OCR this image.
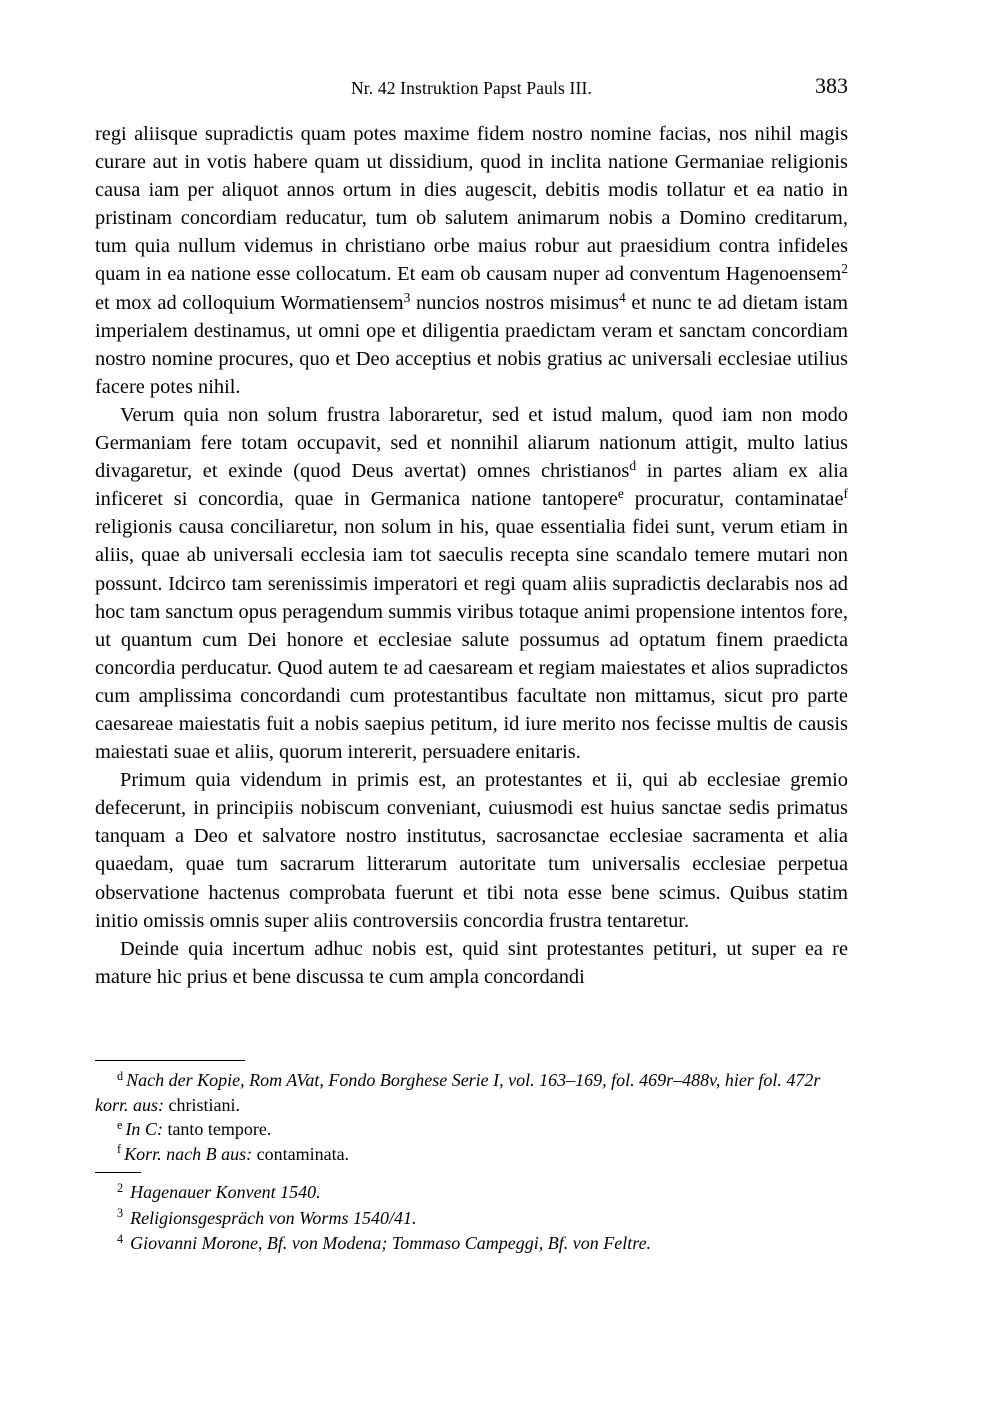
Nr. 42 Instruktion Papst Pauls III.	383

regi aliisque supradictis quam potes maxime fidem nostro nomine facias, nos nihil magis curare aut in votis habere quam ut dissidium, quod in inclita natione Germaniae religionis causa iam per aliquot annos ortum in dies augescit, debitis modis tollatur et ea natio in pristinam concordiam reducatur, tum ob salutem animarum nobis a Domino creditarum, tum quia nullum videmus in christiano orbe maius robur aut praesidium contra infideles quam in ea natione esse collocatum. Et eam ob causam nuper ad conventum Hagenoensem$^2$ et mox ad colloquium Wormatiensem$^3$ nuncios nostros misimus$^4$ et nunc te ad dietam istam imperialem destinamus, ut omni ope et diligentia praedictam veram et sanctam concordiam nostro nomine procures, quo et Deo acceptius et nobis gratius ac universali ecclesiae utilius facere potes nihil.

Verum quia non solum frustra laboraretur, sed et istud malum, quod iam non modo Germaniam fere totam occupavit, sed et nonnihil aliarum nationum attigit, multo latius divagaretur, et exinde (quod Deus avertat) omnes christianos$^d$ in partes aliam ex alia inficeret si concordia, quae in Germanica natione tantopere$^e$ procuratur, contaminatae$^f$ religionis causa conciliaretur, non solum in his, quae essentialia fidei sunt, verum etiam in aliis, quae ab universali ecclesia iam tot saeculis recepta sine scandalo temere mutari non possunt. Idcirco tam serenissimis imperatori et regi quam aliis supradictis declarabis nos ad hoc tam sanctum opus peragendum summis viribus totaque animi propensione intentos fore, ut quantum cum Dei honore et ecclesiae salute possumus ad optatum finem praedicta concordia perducatur. Quod autem te ad caesaream et regiam maiestates et alios supradictos cum amplissima concordandi cum protestantibus facultate non mittamus, sicut pro parte caesareae maiestatis fuit a nobis saepius petitum, id iure merito nos fecisse multis de causis maiestati suae et aliis, quorum intererit, persuadere enitaris.

Primum quia videndum in primis est, an protestantes et ii, qui ab ecclesiae gremio defecerunt, in principiis nobiscum conveniant, cuiusmodi est huius sanctae sedis primatus tanquam a Deo et salvatore nostro institutus, sacrosanctae ecclesiae sacramenta et alia quaedam, quae tum sacrarum litterarum autoritate tum universalis ecclesiae perpetua observatione hactenus comprobata fuerunt et tibi nota esse bene scimus. Quibus statim initio omissis omnis super aliis controversiis concordia frustra tentaretur.

Deinde quia incertum adhuc nobis est, quid sint protestantes petituri, ut super ea re mature hic prius et bene discussa te cum ampla concordandi

$^d$ Nach der Kopie, Rom AVat, Fondo Borghese Serie I, vol. 163–169, fol. 469r–488v, hier fol. 472r korr. aus: christiani.

$^e$ In C: tanto tempore.

$^f$ Korr. nach B aus: contaminata.

$^2$ Hagenauer Konvent 1540.

$^3$ Religionsgespräch von Worms 1540/41.

$^4$ Giovanni Morone, Bf. von Modena; Tommaso Campeggi, Bf. von Feltre.
